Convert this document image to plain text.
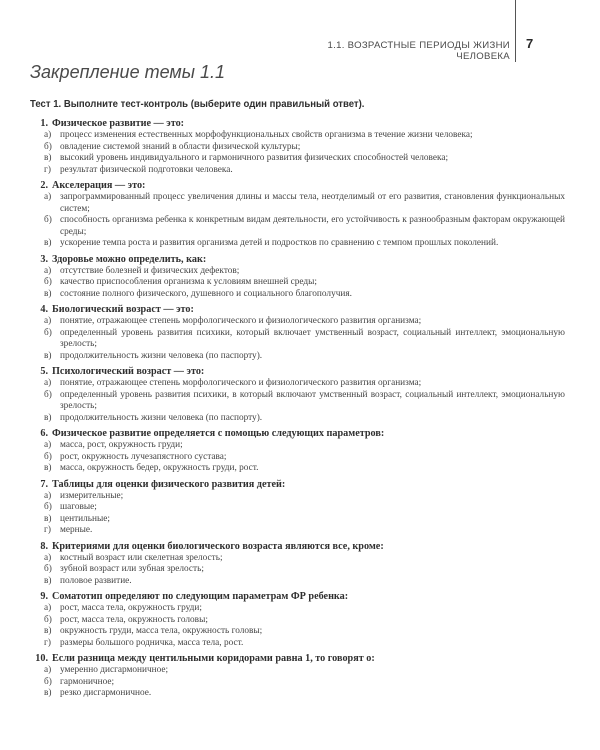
1.1. ВОЗРАСТНЫЕ ПЕРИОДЫ ЖИЗНИ ЧЕЛОВЕКА
7
Закрепление темы 1.1
Тест 1. Выполните тест-контроль (выберите один правильный ответ).
1. Физическое развитие — это:
а) процесс изменения естественных морфофункциональных свойств организма в течение жизни человека;
б) овладение системой знаний в области физической культуры;
в) высокий уровень индивидуального и гармоничного развития физических способностей человека;
г) результат физической подготовки человека.
2. Акселерация — это:
а) запрограммированный процесс увеличения длины и массы тела, неотделимый от его развития, становления функциональных систем;
б) способность организма ребенка к конкретным видам деятельности, его устойчивость к разнообразным факторам окружающей среды;
в) ускорение темпа роста и развития организма детей и подростков по сравнению с темпом прошлых поколений.
3. Здоровье можно определить, как:
а) отсутствие болезней и физических дефектов;
б) качество приспособления организма к условиям внешней среды;
в) состояние полного физического, душевного и социального благополучия.
4. Биологический возраст — это:
а) понятие, отражающее степень морфологического и физиологического развития организма;
б) определенный уровень развития психики, который включает умственный возраст, социальный интеллект, эмоциональную зрелость;
в) продолжительность жизни человека (по паспорту).
5. Психологический возраст — это:
а) понятие, отражающее степень морфологического и физиологического развития организма;
б) определенный уровень развития психики, в который включают умственный возраст, социальный интеллект, эмоциональную зрелость;
в) продолжительность жизни человека (по паспорту).
6. Физическое развитие определяется с помощью следующих параметров:
а) масса, рост, окружность груди;
б) рост, окружность лучезапястного сустава;
в) масса, окружность бедер, окружность груди, рост.
7. Таблицы для оценки физического развития детей:
а) измерительные;
б) шаговые;
в) центильные;
г) мерные.
8. Критериями для оценки биологического возраста являются все, кроме:
а) костный возраст или скелетная зрелость;
б) зубной возраст или зубная зрелость;
в) половое развитие.
9. Соматотип определяют по следующим параметрам ФР ребенка:
а) рост, масса тела, окружность груди;
б) рост, масса тела, окружность головы;
в) окружность груди, масса тела, окружность головы;
г) размеры большого родничка, масса тела, рост.
10. Если разница между центильными коридорами равна 1, то говорят о:
а) умеренно дисгармоничное;
б) гармоничное;
в) резко дисгармоничное.
